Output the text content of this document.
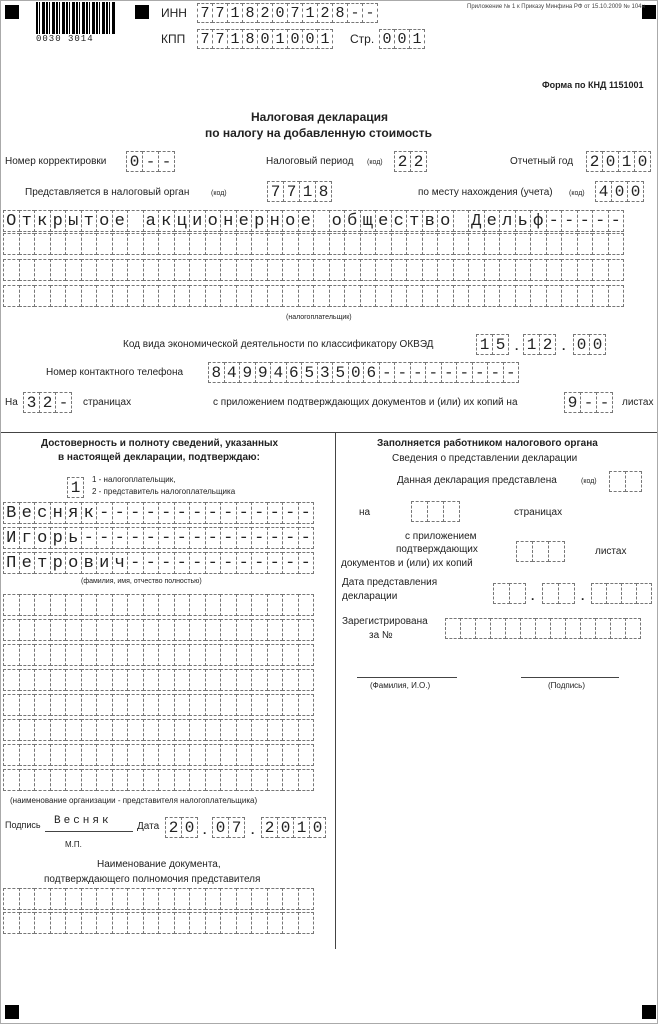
0030 3014
ИНН 7 7 1 8 2 0 7 1 2 8 - -
КПП 7 7 1 8 0 1 0 0 1 Стр. 0 0 1
Приложение № 1 к Приказу Минфина РФ от 15.10.2009 № 104н
Форма по КНД 1151001
Налоговая декларация
по налогу на добавленную стоимость
Номер корректировки 0 - -	Налоговый период (код) 2 2	Отчетный год 2 0 1 0
Представляется в налоговый орган	(код)	7 7 1 8	по месту нахождения (учета) (код) 4 0 0
О т к р ы т о е а к ц и о н е р н о е о б щ е с т в о Д е л ь ф - - - - -
(налогоплательщик)
Код вида экономической деятельности по классификатору ОКВЭД	1 5 . 1 2 . 0 0
Номер контактного телефона 8 4 9 9 4 6 5 3 5 0 6 - - - - - - - - -
На 3 2 -	страницах	с приложением подтверждающих документов и (или) их копий на	9 - -	листах
Достоверность и полноту сведений, указанных
в настоящей декларации, подтверждаю:
1	1 - налогоплательщик,
2 - представитель налогоплательщика
В е с н я к - - - - - - - - - - - - - -
И г о р ь - - - - - - - - - - - - - - -
П е т р о в и ч - - - - - - - - - - - -
(фамилия, имя, отчество полностью)
(наименование организации - представителя налогоплательщика)
Подпись Весняк	Дата 2 0 . 0 7 . 2 0 1 0
М.П.
Наименование документа,
подтверждающего полномочия представителя
Заполняется работником налогового органа
Сведения о представлении декларации
Данная декларация представлена	(код)
на	страницах
с приложением
подтверждающих
документов и (или) их копий
листах
Дата представления
декларации	.	.
Зарегистрирована
за №
(Фамилия, И.О.)	(Подпись)
